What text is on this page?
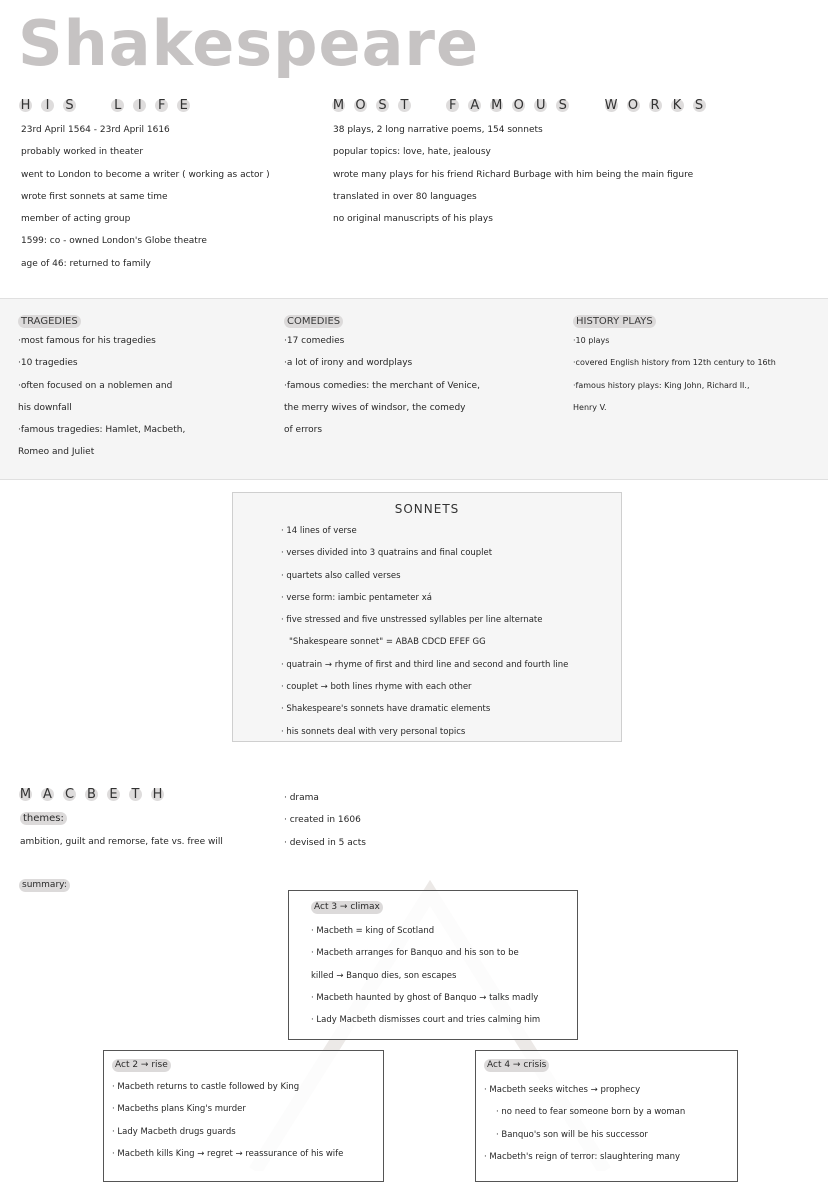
Shakespeare
H I S	L I F E
23rd April 1564 - 23rd April 1616
probably worked in theater
went to London to become a writer ( working as actor )
wrote first sonnets at same time
member of acting group
1599: co - owned London's Globe theatre
age of 46: returned to family
M O S T	F A M O U S	W O R K S
38 plays, 2 long narrative poems, 154 sonnets
popular topics: love, hate, jealousy
wrote many plays for his friend Richard Burbage with him being the main figure
translated in over 80 languages
no original manuscripts of his plays
TRAGEDIES
·most famous for his tragedies
·10 tragedies
·often focused on a noblemen and
his downfall
·famous tragedies: Hamlet, Macbeth,
Romeo and Juliet
COMEDIES
·17 comedies
·a lot of irony and wordplays
·famous comedies: the merchant of Venice,
the merry wives of windsor, the comedy
of errors
HISTORY PLAYS
·10 plays
·covered English history from 12th century to 16th
·famous history plays: King John, Richard II.,
Henry V.
SONNETS
· 14 lines of verse
· verses divided into 3 quatrains and final couplet
· quartets also called verses
· verse form: iambic pentameter xá
· five stressed and five unstressed syllables per line alternate
"Shakespeare sonnet" = ABAB CDCD EFEF GG
· quatrain → rhyme of first and third line and second and fourth line
· couplet → both lines rhyme with each other
· Shakespeare's sonnets have dramatic elements
· his sonnets deal with very personal topics
M A C B E T H
themes:
ambition, guilt and remorse, fate vs. free will
· drama
· created in 1606
· devised in 5 acts
summary:
Act 3 → climax
· Macbeth = king of Scotland
· Macbeth arranges for Banquo and his son to be
killed → Banquo dies, son escapes
· Macbeth haunted by ghost of Banquo → talks madly
· Lady Macbeth dismisses court and tries calming him
Act 2 → rise
· Macbeth returns to castle followed by King
· Macbeths plans King's murder
· Lady Macbeth drugs guards
· Macbeth kills King → regret → reassurance of his wife
Act 4 → crisis
· Macbeth seeks witches → prophecy
· no need to fear someone born by a woman
· Banquo's son will be his successor
· Macbeth's reign of terror: slaughtering many
